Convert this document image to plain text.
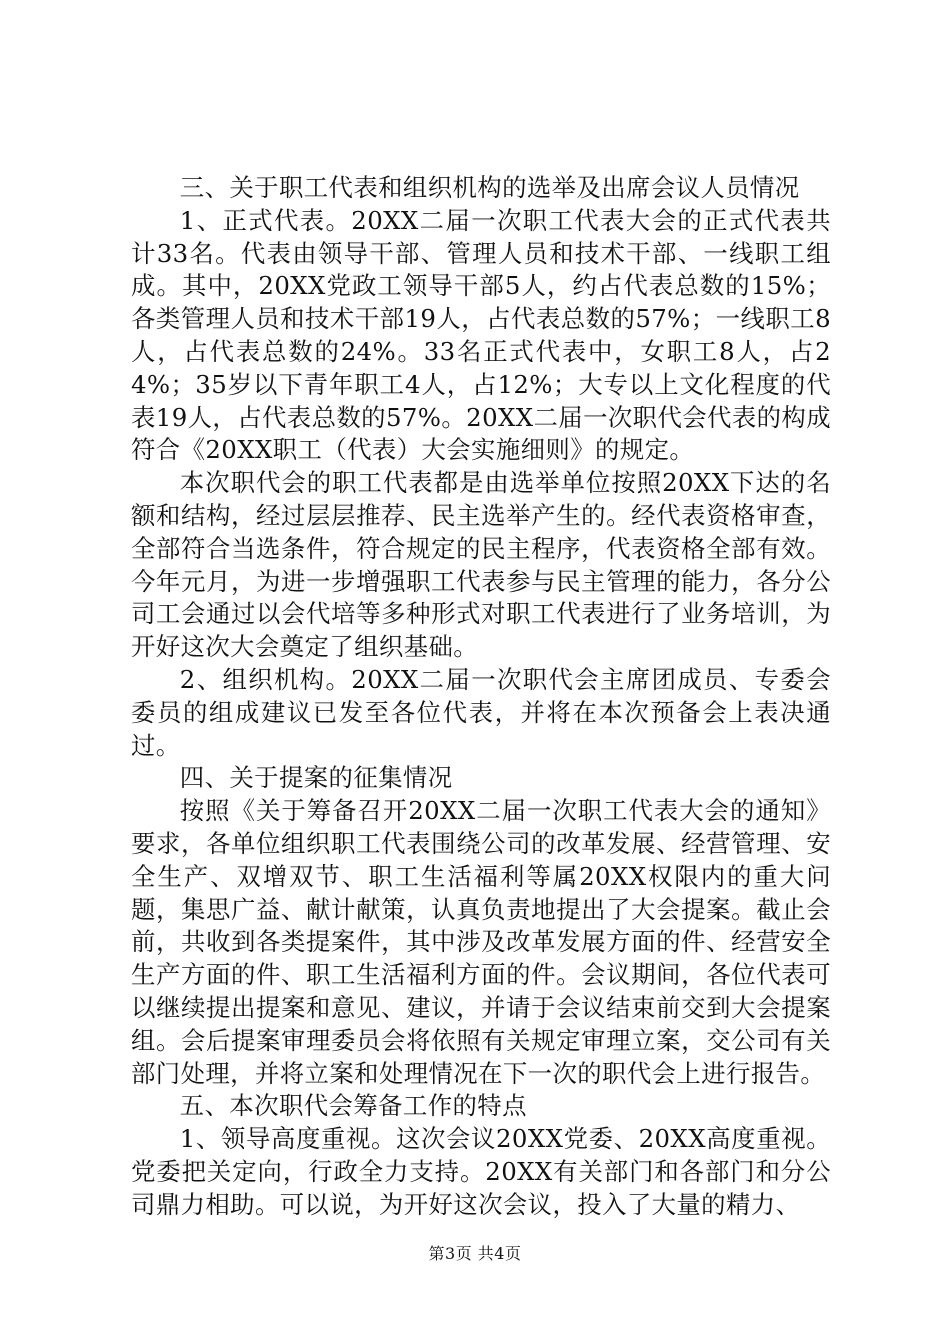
三、关于职工代表和组织机构的选举及出席会议人员情况

1、正式代表。20XX二届一次职工代表大会的正式代表共计33名。代表由领导干部、管理人员和技术干部、一线职工组成。其中，20XX党政工领导干部5人，约占代表总数的15%；各类管理人员和技术干部19人，占代表总数的57%；一线职工8人，占代表总数的24%。33名正式代表中，女职工8人，占24%；35岁以下青年职工4人，占12%；大专以上文化程度的代表19人，占代表总数的57%。20XX二届一次职代会代表的构成符合《20XX职工（代表）大会实施细则》的规定。

本次职代会的职工代表都是由选举单位按照20XX下达的名额和结构，经过层层推荐、民主选举产生的。经代表资格审查，全部符合当选条件，符合规定的民主程序，代表资格全部有效。今年元月，为进一步增强职工代表参与民主管理的能力，各分公司工会通过以会代培等多种形式对职工代表进行了业务培训，为开好这次大会奠定了组织基础。

2、组织机构。20XX二届一次职代会主席团成员、专委会委员的组成建议已发至各位代表，并将在本次预备会上表决通过。

四、关于提案的征集情况

按照《关于筹备召开20XX二届一次职工代表大会的通知》要求，各单位组织职工代表围绕公司的改革发展、经营管理、安全生产、双增双节、职工生活福利等属20XX权限内的重大问题，集思广益、献计献策，认真负责地提出了大会提案。截止会前，共收到各类提案件，其中涉及改革发展方面的件、经营安全生产方面的件、职工生活福利方面的件。会议期间，各位代表可以继续提出提案和意见、建议，并请于会议结束前交到大会提案组。会后提案审理委员会将依照有关规定审理立案，交公司有关部门处理，并将立案和处理情况在下一次的职代会上进行报告。

五、本次职代会筹备工作的特点

1、领导高度重视。这次会议20XX党委、20XX高度重视。党委把关定向，行政全力支持。20XX有关部门和各部门和分公司鼎力相助。可以说，为开好这次会议，投入了大量的精力、

第3页 共4页
